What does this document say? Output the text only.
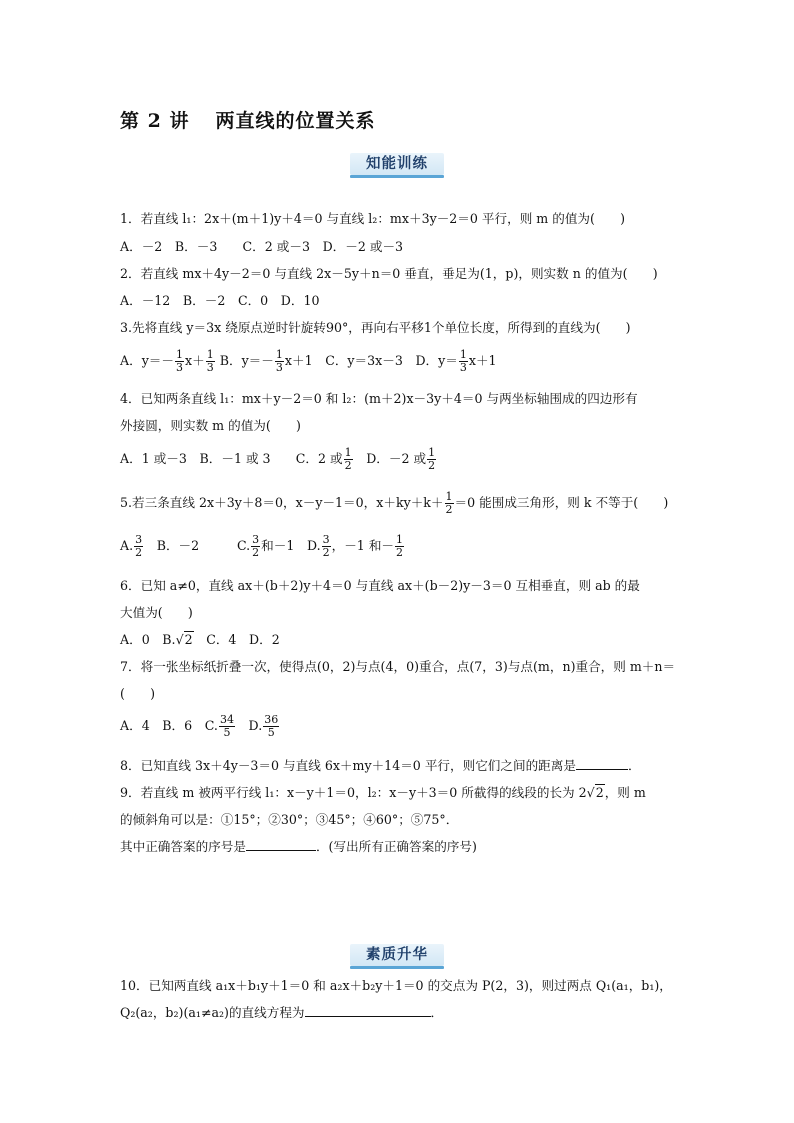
第 2 讲 两直线的位置关系
知能训练
1．若直线 l₁：2x＋(m＋1)y＋4＝0 与直线 l₂：mx＋3y－2＝0 平行，则 m 的值为(　　)
A．－2　B．－3　　C．2 或－3　D．－2 或－3
2．若直线 mx＋4y－2＝0 与直线 2x－5y＋n＝0 垂直，垂足为(1，p)，则实数 n 的值为(　　)
A．－12　B．－2　C．0　D．10
3.先将直线 y＝3x 绕原点逆时针旋转90°，再向右平移1个单位长度，所得到的直线为(　　)
A．$y=- \frac{1}{3} x+ \frac{1}{3}$ B．$y=- \frac{1}{3} x+1$　 C．y＝3x－3　 D．$y= \frac{1}{3} x+1$
4．已知两条直线 l₁：mx＋y－2＝0 和 l₂：(m＋2)x－3y＋4＝0 与两坐标轴围成的四边形有
外接圆，则实数 m 的值为(　　)
A．1 或－3　B．－1 或 3　　 C．2 或 $\frac{1}{2}$
　 D．－2 或 $\frac{1}{2}$
5.若三条直线 2x＋3y＋8＝0，x－y－1＝0，$x+ky+k+ \frac{1}{2} =0$ 能围成三角形，则 k 不等于(　　)
A. $\frac{3}{2}$
　 B．－2　　　	C. $\frac{3}{2}$ 和－1　 D. $\frac{3}{2}$ ，－1 和－ $\frac{1}{2}$
6．已知 a≠0，直线 ax＋(b＋2)y＋4＝0 与直线 ax＋(b－2)y－3＝0 互相垂直，则 ab 的最
大值为(　　)
A．0　 B.√2　 C．4　D．2
7．将一张坐标纸折叠一次，使得点(0，2)与点(4，0)重合，点(7，3)与点(m，n)重合，则 m＋n＝
(　　)
A．4　B．6　 C. $\frac{34}{5}$
　 D. $\frac{36}{5}$
8．已知直线 3x＋4y－3＝0 与直线 6x＋my＋14＝0 平行，则它们之间的距离是	．
9．若直线 m 被两平行线 l₁：x－y＋1＝0，l₂：x－y＋3＝0 所截得的线段的长为 2√2，则 m
的倾斜角可以是：①15°；②30°；③45°；④60°；⑤75°．
其中正确答案的序号是	．(写出所有正确答案的序号)
素质升华
10．已知两直线 a₁x＋b₁y＋1＝0 和 a₂x＋b₂y＋1＝0 的交点为 P(2，3)，则过两点 Q₁(a₁，b₁)，
Q₂(a₂，b₂)(a₁≠a₂)的直线方程为	．
